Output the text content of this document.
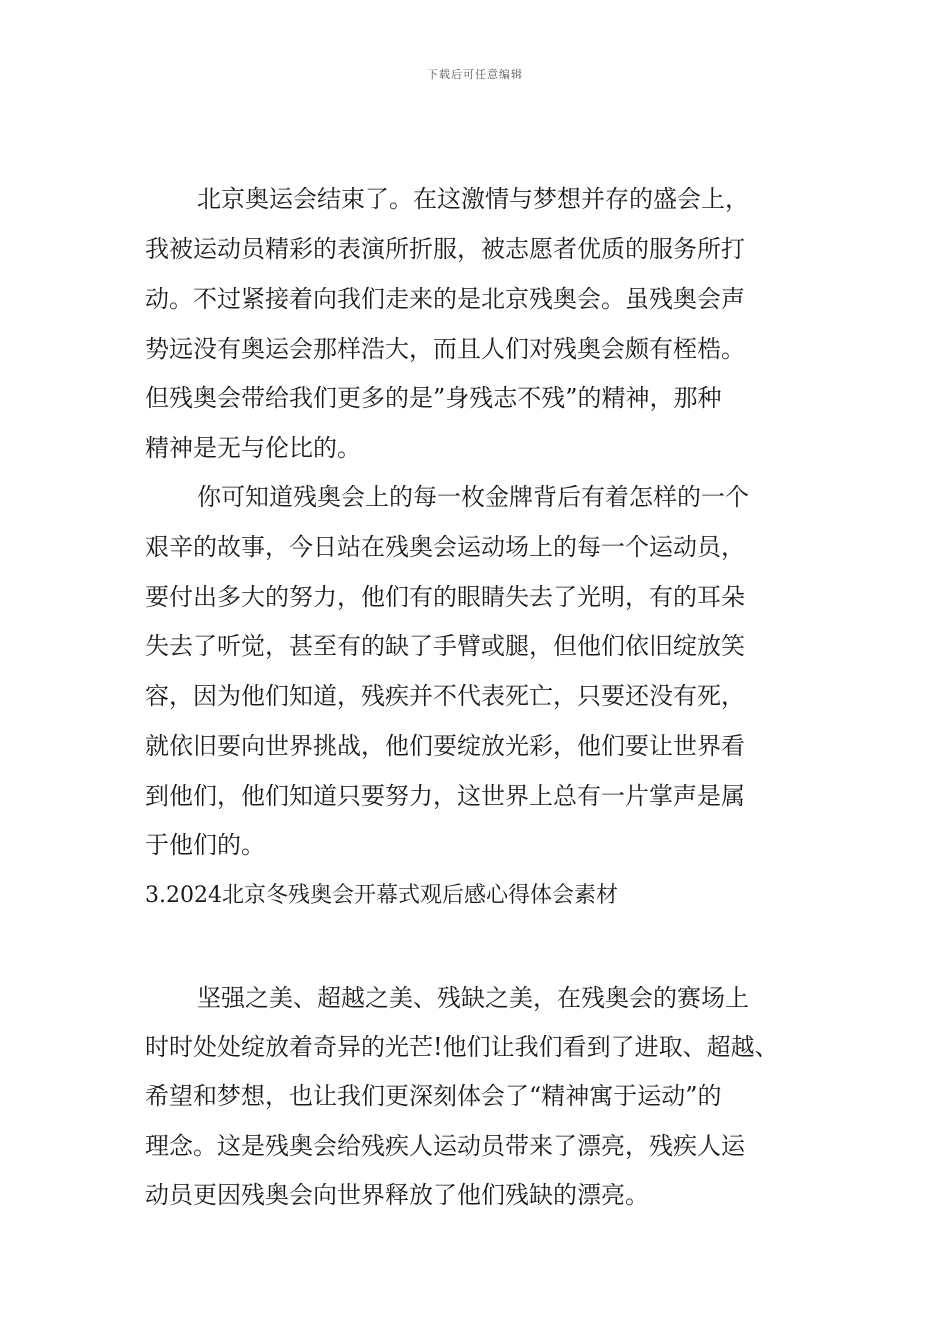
下载后可任意编辑
北京奥运会结束了。在这激情与梦想并存的盛会上，
我被运动员精彩的表演所折服，被志愿者优质的服务所打
动。不过紧接着向我们走来的是北京残奥会。虽残奥会声
势远没有奥运会那样浩大，而且人们对残奥会颇有桎梏。
但残奥会带给我们更多的是”身残志不残”的精神，那种
精神是无与伦比的。
你可知道残奥会上的每一枚金牌背后有着怎样的一个
艰辛的故事，今日站在残奥会运动场上的每一个运动员，
要付出多大的努力，他们有的眼睛失去了光明，有的耳朵
失去了听觉，甚至有的缺了手臂或腿，但他们依旧绽放笑
容，因为他们知道，残疾并不代表死亡，只要还没有死，
就依旧要向世界挑战，他们要绽放光彩，他们要让世界看
到他们，他们知道只要努力，这世界上总有一片掌声是属
于他们的。
3.2024北京冬残奥会开幕式观后感心得体会素材
坚强之美、超越之美、残缺之美，在残奥会的赛场上
时时处处绽放着奇异的光芒!他们让我们看到了进取、超越、
希望和梦想，也让我们更深刻体会了“精神寓于运动”的
理念。这是残奥会给残疾人运动员带来了漂亮，残疾人运
动员更因残奥会向世界释放了他们残缺的漂亮。
